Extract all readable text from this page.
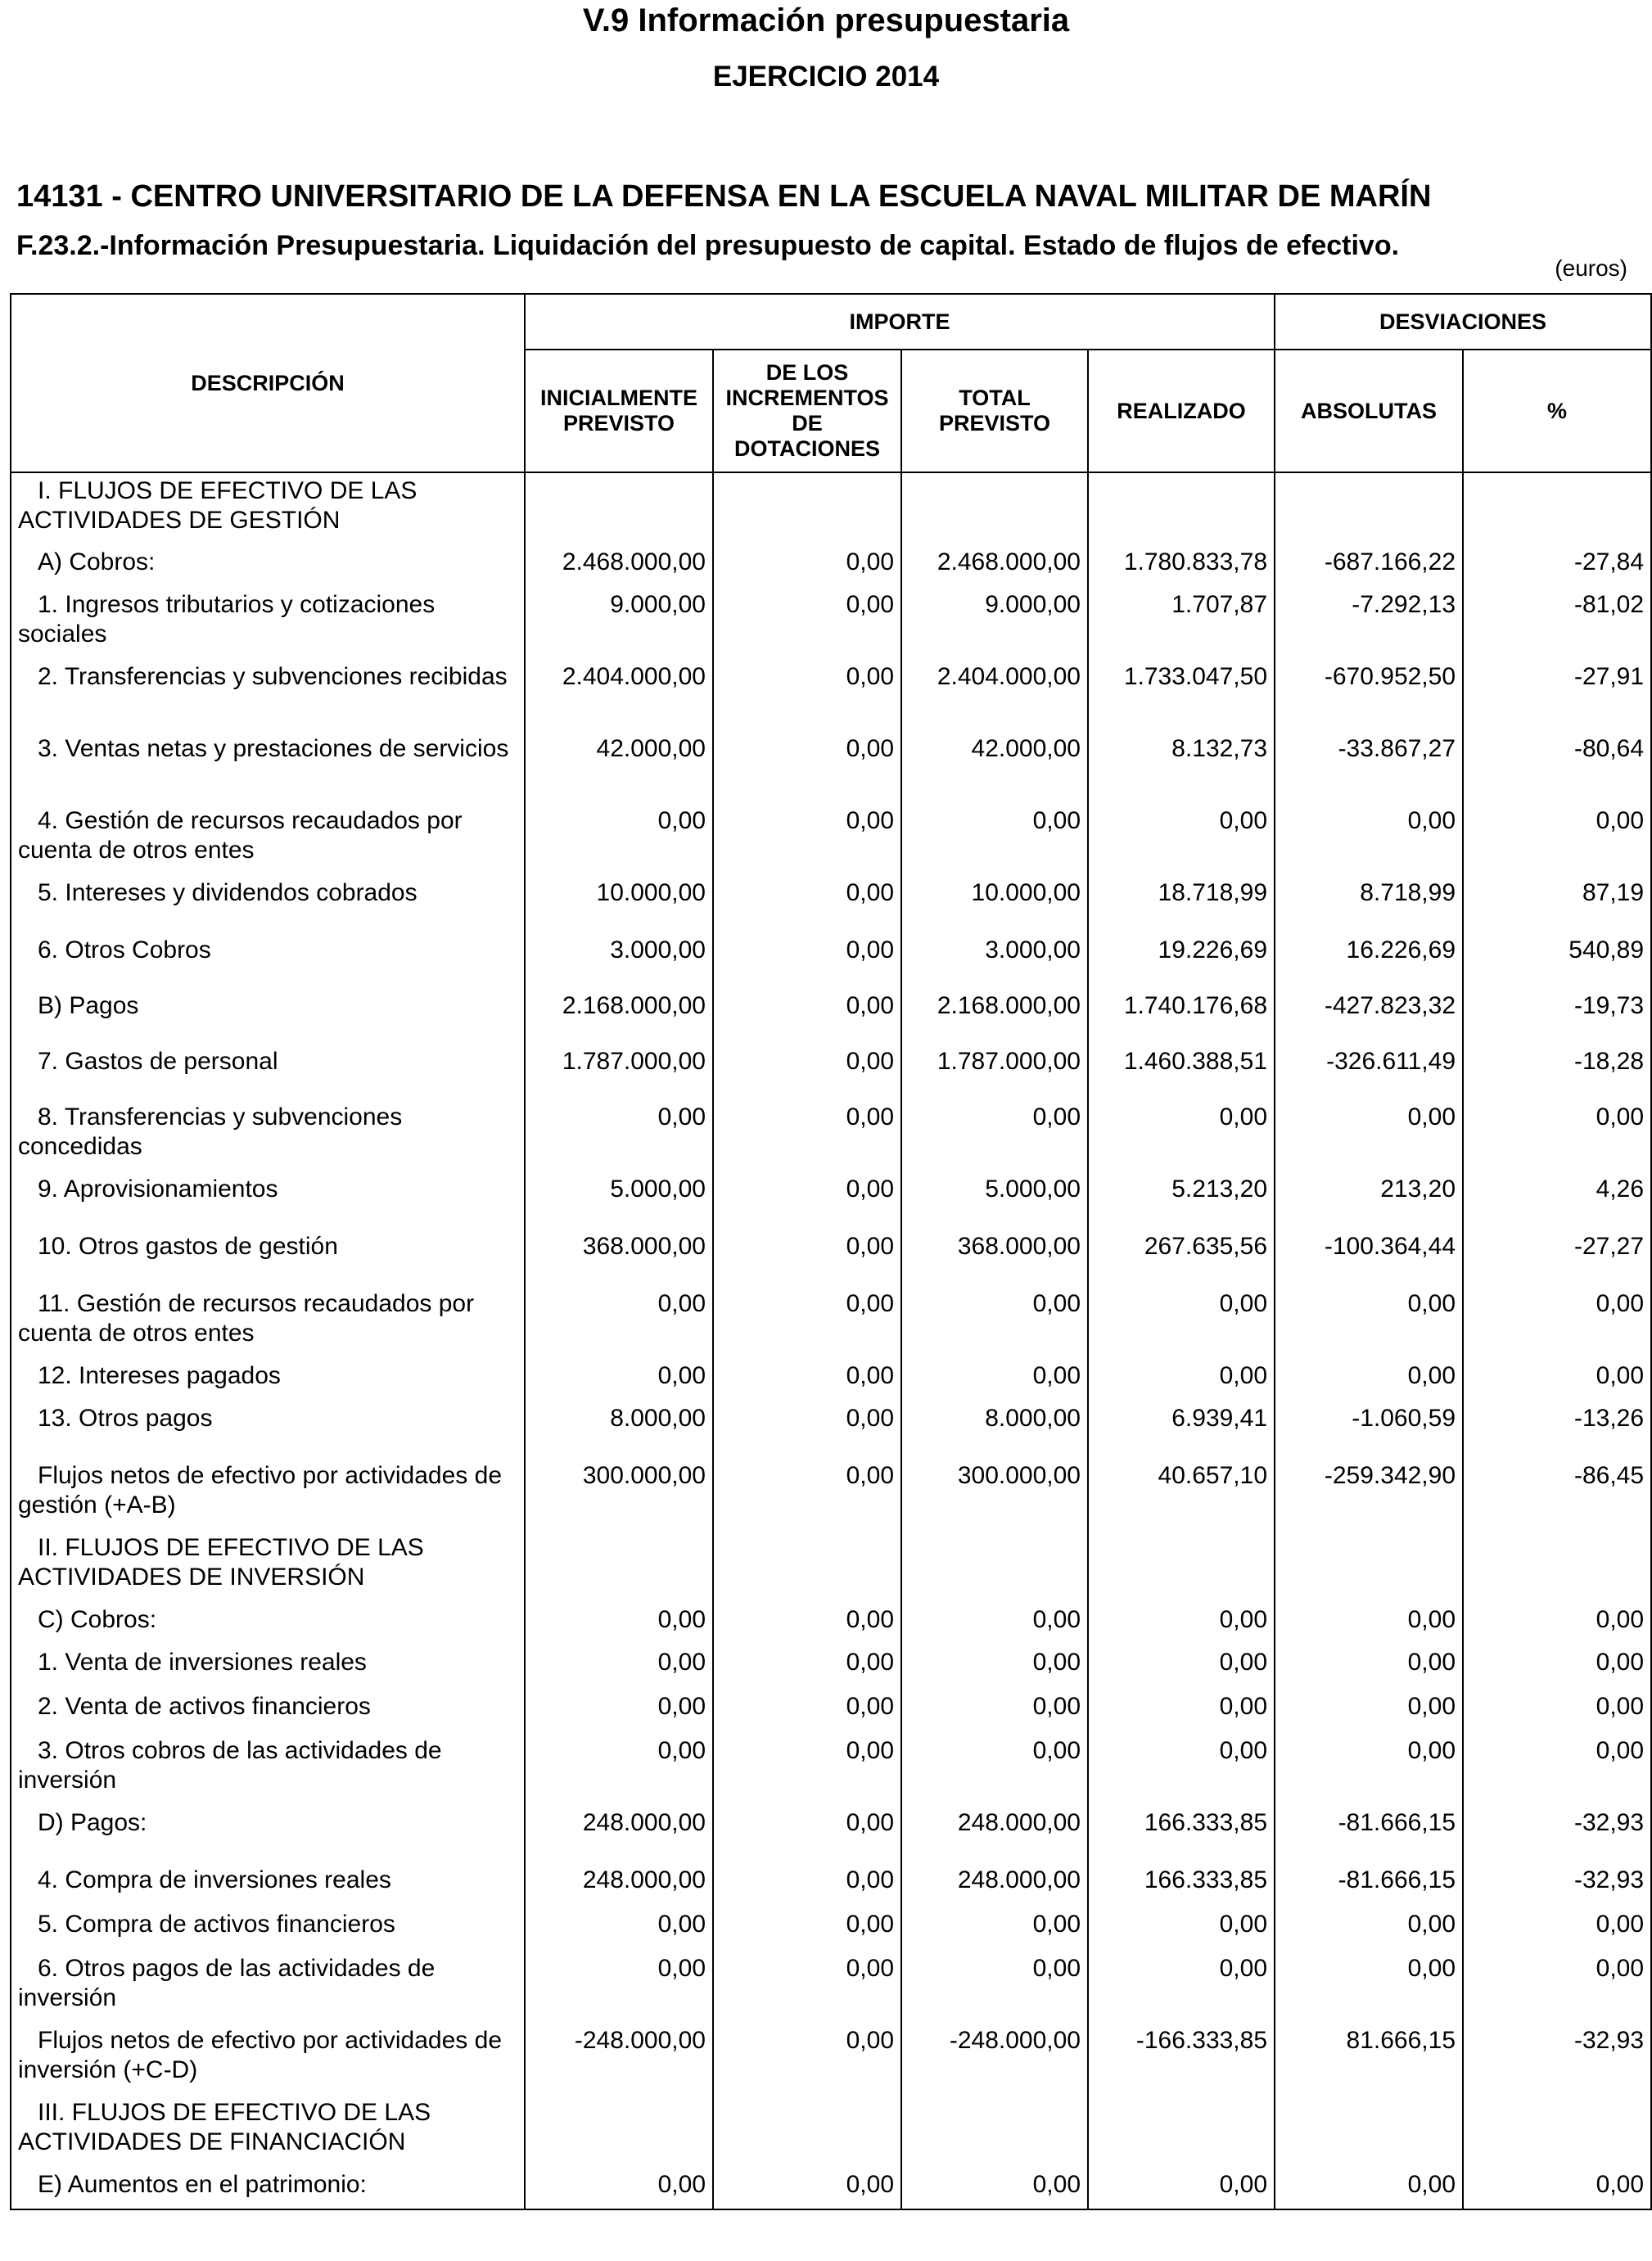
V.9 Información presupuestaria
EJERCICIO 2014
14131 - CENTRO UNIVERSITARIO DE LA DEFENSA EN LA ESCUELA NAVAL MILITAR DE MARÍN
F.23.2.-Información Presupuestaria. Liquidación del presupuesto de capital. Estado de flujos de efectivo.
(euros)
DESCRIPCIÓN	IMPORTE				DESVIACIONES	
	INICIALMENTE PREVISTO	DE LOS INCREMENTOS DE DOTACIONES	TOTAL PREVISTO	REALIZADO	ABSOLUTAS	%

I. FLUJOS DE EFECTIVO DE LAS ACTIVIDADES DE GESTIÓN						

A) Cobros:	2.468.000,00	0,00	2.468.000,00	1.780.833,78	-687.166,22	-27,84

1. Ingresos tributarios y cotizaciones sociales	9.000,00	0,00	9.000,00	1.707,87	-7.292,13	-81,02

2. Transferencias y subvenciones recibidas	2.404.000,00	0,00	2.404.000,00	1.733.047,50	-670.952,50	-27,91

3. Ventas netas y prestaciones de servicios	42.000,00	0,00	42.000,00	8.132,73	-33.867,27	-80,64

4. Gestión de recursos recaudados por cuenta de otros entes	0,00	0,00	0,00	0,00	0,00	0,00

5. Intereses y dividendos cobrados	10.000,00	0,00	10.000,00	18.718,99	8.718,99	87,19

6. Otros Cobros	3.000,00	0,00	3.000,00	19.226,69	16.226,69	540,89

B) Pagos	2.168.000,00	0,00	2.168.000,00	1.740.176,68	-427.823,32	-19,73

7. Gastos de personal	1.787.000,00	0,00	1.787.000,00	1.460.388,51	-326.611,49	-18,28

8. Transferencias y subvenciones concedidas	0,00	0,00	0,00	0,00	0,00	0,00

9. Aprovisionamientos	5.000,00	0,00	5.000,00	5.213,20	213,20	4,26

10. Otros gastos de gestión	368.000,00	0,00	368.000,00	267.635,56	-100.364,44	-27,27

11. Gestión de recursos recaudados por cuenta de otros entes	0,00	0,00	0,00	0,00	0,00	0,00

12. Intereses pagados	0,00	0,00	0,00	0,00	0,00	0,00

13. Otros pagos	8.000,00	0,00	8.000,00	6.939,41	-1.060,59	-13,26

Flujos netos de efectivo por actividades de gestión (+A-B)	300.000,00	0,00	300.000,00	40.657,10	-259.342,90	-86,45

II. FLUJOS DE EFECTIVO DE LAS ACTIVIDADES DE INVERSIÓN						

C) Cobros:	0,00	0,00	0,00	0,00	0,00	0,00

1. Venta de inversiones reales	0,00	0,00	0,00	0,00	0,00	0,00

2. Venta de activos financieros	0,00	0,00	0,00	0,00	0,00	0,00

3. Otros cobros de las actividades de inversión	0,00	0,00	0,00	0,00	0,00	0,00

D) Pagos:	248.000,00	0,00	248.000,00	166.333,85	-81.666,15	-32,93

4. Compra de inversiones reales	248.000,00	0,00	248.000,00	166.333,85	-81.666,15	-32,93

5. Compra de activos financieros	0,00	0,00	0,00	0,00	0,00	0,00

6. Otros pagos de las actividades de inversión	0,00	0,00	0,00	0,00	0,00	0,00

Flujos netos de efectivo por actividades de inversión (+C-D)	-248.000,00	0,00	-248.000,00	-166.333,85	81.666,15	-32,93

III. FLUJOS DE EFECTIVO DE LAS ACTIVIDADES DE FINANCIACIÓN						

E) Aumentos en el patrimonio:	0,00	0,00	0,00	0,00	0,00	0,00
